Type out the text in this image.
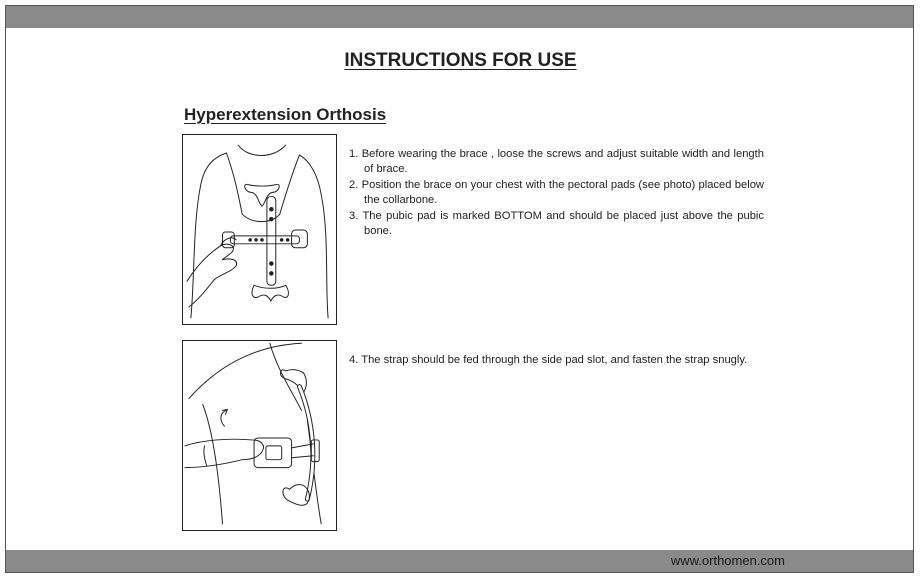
INSTRUCTIONS FOR USE
Hyperextension Orthosis
1. Before wearing the brace , loose the screws and adjust suitable width and length of brace.
2. Position the brace on your chest with the pectoral pads (see photo) placed below the collarbone.
3. The pubic pad is marked BOTTOM and should be placed just above the pubic bone.
4. The strap should be fed through the side pad slot, and fasten the strap snugly.
www.orthomen.com
